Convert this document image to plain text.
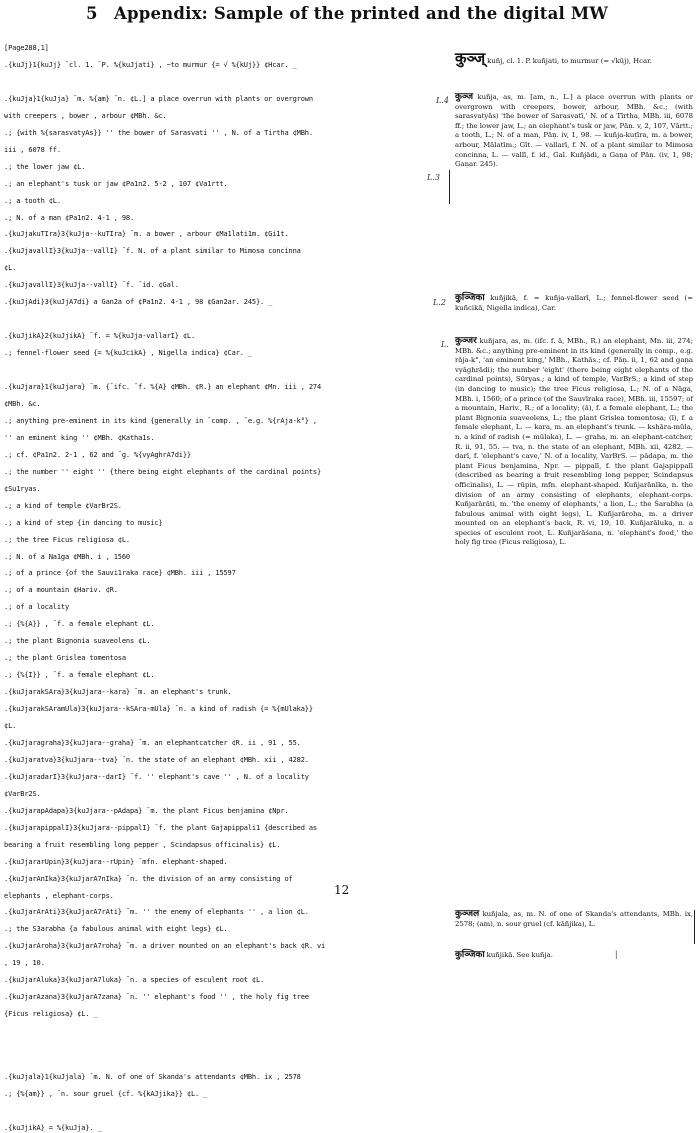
5 Appendix: Sample of the printed and the digital MW
[Page288,1]
.{kuJj}1{kuJj} ¯cl. 1. ¯P. %{kuJjati} , ~to murmur {= √ %{kUj}} ¢Hcar. _
.{kuJja}1{kuJja} ¯m. %{am} ¯n. ¢L.] a place overrun with plants or overgrown
with creepers , bower , arbour ¢MBh. &c.
.; {with %{sarasvatyAs}} '' the bower of Sarasvati '' , N. of a Tirtha ¢MBh.
iii , 6078 ff.
.; the lower jaw ¢L.
.; an elephant's tusk or jaw ¢Pa1n2. 5-2 , 107 ¢Va1rtt.
.; a tooth ¢L.
.; N. of a man ¢Pa1n2. 4-1 , 98.
.{kuJjakuTIra}3{kuJja--kuTIra} ¯m. a bower , arbour ¢Ma1lati1m. ¢Gi1t.
.{kuJjavallI}3{kuJja--vallI} ¯f. N. of a plant similar to Mimosa concinna
¢L.
.{kuJjavallI}3{kuJja--vallI} ¯f. ¯id. ¢Gal.
.{kuJjAdi}3{kuJjA7di} a Gan2a of ¢Pa1n2. 4-1 , 98 ¢Gan2ar. 245}. _
.{kuJjikA}2{kuJjikA} ¯f. = %{kuJja-vallarI} ¢L.
.; fennel-flower seed {= %{kuJcikA} , Nigella indica} ¢Car. _
.{kuJjara}1{kuJjara} ¯m. {¯ifc. ¯f. %{A} ¢MBh. ¢R.} an elephant ¢Mn. iii , 274
¢MBh. &c.
.; anything pre-eminent in its kind {generally in ¯comp. , ¯e.g. %{rAja-k°} ,
'' an eminent king '' ¢MBh. ¢Katha1s.
.; cf. ¢Pa1n2. 2-1 , 62 and ¯g. %{vyAghrA7di}}
.; the number '' eight '' {there being eight elephants of the cardinal points}
¢Su1ryas.
.; a kind of temple ¢VarBr2S.
.; a kind of step {in dancing to music}
.; the tree Ficus religiosa ¢L.
.; N. of a Na1ga ¢MBh. i , 1560
.; of a prince {of the Sauvi1raka race} ¢MBh. iii , 15597
.; of a mountain ¢Hariv. ¢R.
.; of a locality
.; {%{A}} , ¯f. a female elephant ¢L.
.; the plant Bignonia suaveolens ¢L.
.; the plant Grislea tomentosa
.; {%{I}} , ¯f. a female elephant ¢L.
.{kuJjarakSAra}3{kuJjara--kara} ¯m. an elephant's trunk.
.{kuJjarakSAramUla}3{kuJjara--kSAra-mUla} ¯n. a kind of radish {= %{mUlaka}}
¢L.
.{kuJjaragraha}3{kuJjara--graha} ¯m. an elephantcatcher ¢R. ii , 91 , 55.
.{kuJjaratva}3{kuJjara--tva} ¯n. the state of an elephant ¢MBh. xii , 4282.
.{kuJjaradarI}3{kuJjara--darI} ¯f. '' elephant's cave '' , N. of a locality
¢VarBr2S.
.{kuJjarapAdapa}3{kuJjara--pAdapa} ¯m. the plant Ficus benjamina ¢Npr.
.{kuJjarapippalI}3{kuJjara--pippalI} ¯f. the plant Gajapippali1 {described as
bearing a fruit resembling long pepper , Scindapsus officinalis} ¢L.
.{kuJjararUpin}3{kuJjara--rUpin} ¯mfn. elephant-shaped.
.{kuJjarAnIka}3{kuJjarA7nIka} ¯n. the division of an army consisting of
elephants , elephant-corps.
.{kuJjarArAti}3{kuJjarA7rAti} ¯m. '' the enemy of elephants '' , a lion ¢L.
.; the S3arabha {a fabulous animal with eight legs} ¢L.
.{kuJjarAroha}3{kuJjarA7roha} ¯m. a driver mounted on an elephant's back ¢R. vi
, 19 , 10.
.{kuJjarAluka}3{kuJjarA7luka} ¯n. a species of esculent root ¢L.
.{kuJjarAzana}3{kuJjarA7zana} ¯n. '' elephant's food '' , the holy fig tree
{Ficus religiosa} ¢L. _
.{kuJjala}1{kuJjala} ¯m. N. of one of Skanda's attendants ¢MBh. ix , 2578
.; {%{am}} , ¯n. sour gruel {cf. %{kAJjika}} ¢L. _
.{kuJjikA} = %{kuJja}. _
12
कुञ्ज् kuñj, cl. 1. P. kuñjati, to murmur (= √kūj), Hcar.
L.4
L.3
कुञ्ज kuñja, as, m. [am, n., L.] a place overrun with plants or overgrown with creepers, bower, arbour, MBh. &c.; (with sarasvatyās) 'the bower of Sarasvatī,' N. of a Tīrtha, MBh. iii, 6078 ff.; the lower jaw, L.; an elephant's tusk or jaw, Pāṇ. v, 2, 107, Vārtt.; a tooth, L.; N. of a man, Pāṇ. iv, 1, 98. — kuñja-kuṭīra, m. a bower, arbour, Mālatīm.; Gīt. — vallarī, f. N. of a plant similar to Mimosa concinna, L. — vallī, f. id., Gal. Kuñjādi, a Gaṇa of Pāṇ. (iv, 1, 98; Gaṇar. 245).
L.2 कुञ्जिका kuñjikā, f. = kuñja-vallarī, L.; fennel-flower seed (= kuñcikā, Nigella indica), Car.
L. कुञ्जर kuñjara, as, m. (ifc. f. ā, MBh., R.) an elephant, Mn. iii, 274; MBh. &c.; anything pre-eminent in its kind (generally in comp., e.g. rāja-k°, 'an eminent king,' MBh., Kathās.; cf. Pāṇ. ii, 1, 62 and gaṇa vyāghrādi); the number 'eight' (there being eight elephants of the cardinal points), Sūryas.; a kind of temple, VarBṛS.; a kind of step (in dancing to music); the tree Ficus religiosa, L.; N. of a Nāga, MBh. i, 1560; of a prince (of the Sauvīraka race), MBh. iii, 15597; of a mountain, Hariv., R.; of a locality; (ā), f. a female elephant, L.; the plant Bignonia suaveolens, L.; the plant Grislea tomentosa; (ī), f. a female elephant, L. — kara, m. an elephant's trunk. — kshāra-mūla, n. a kind of radish (= mūlaka), L. — graha, m. an elephant-catcher, R. ii, 91, 55. — tva, n. the state of an elephant, MBh. xii, 4282. — darī, f. 'elephant's cave,' N. of a locality, VarBṛS. — pādapa, m. the plant Ficus benjamina, Npr. — pippalī, f. the plant Gajapippalī (described as bearing a fruit resembling long pepper, Scindapsus officinalis), L. — rūpin, mfn. elephant-shaped. Kuñjarānīka, n. the division of an army consisting of elephants, elephant-corps. Kuñjarārāti, m. 'the enemy of elephants,' a lion, L.; the Śarabha (a fabulous animal with eight legs), L. Kuñjarāroha, m. a driver mounted on an elephant's back, R. vi, 19, 10. Kuñjarāluka, n. a species of esculent root, L. Kuñjarāśana, n. 'elephant's food,' the holy fig tree (Ficus religiosa), L.
कुञ्जल kuñjala, as, m. N. of one of Skanda's attendants, MBh. ix, 2578; (am), n. sour gruel (cf. kāñjika), L.
कुञ्जिका kuñjikā. See kuñja.	|
